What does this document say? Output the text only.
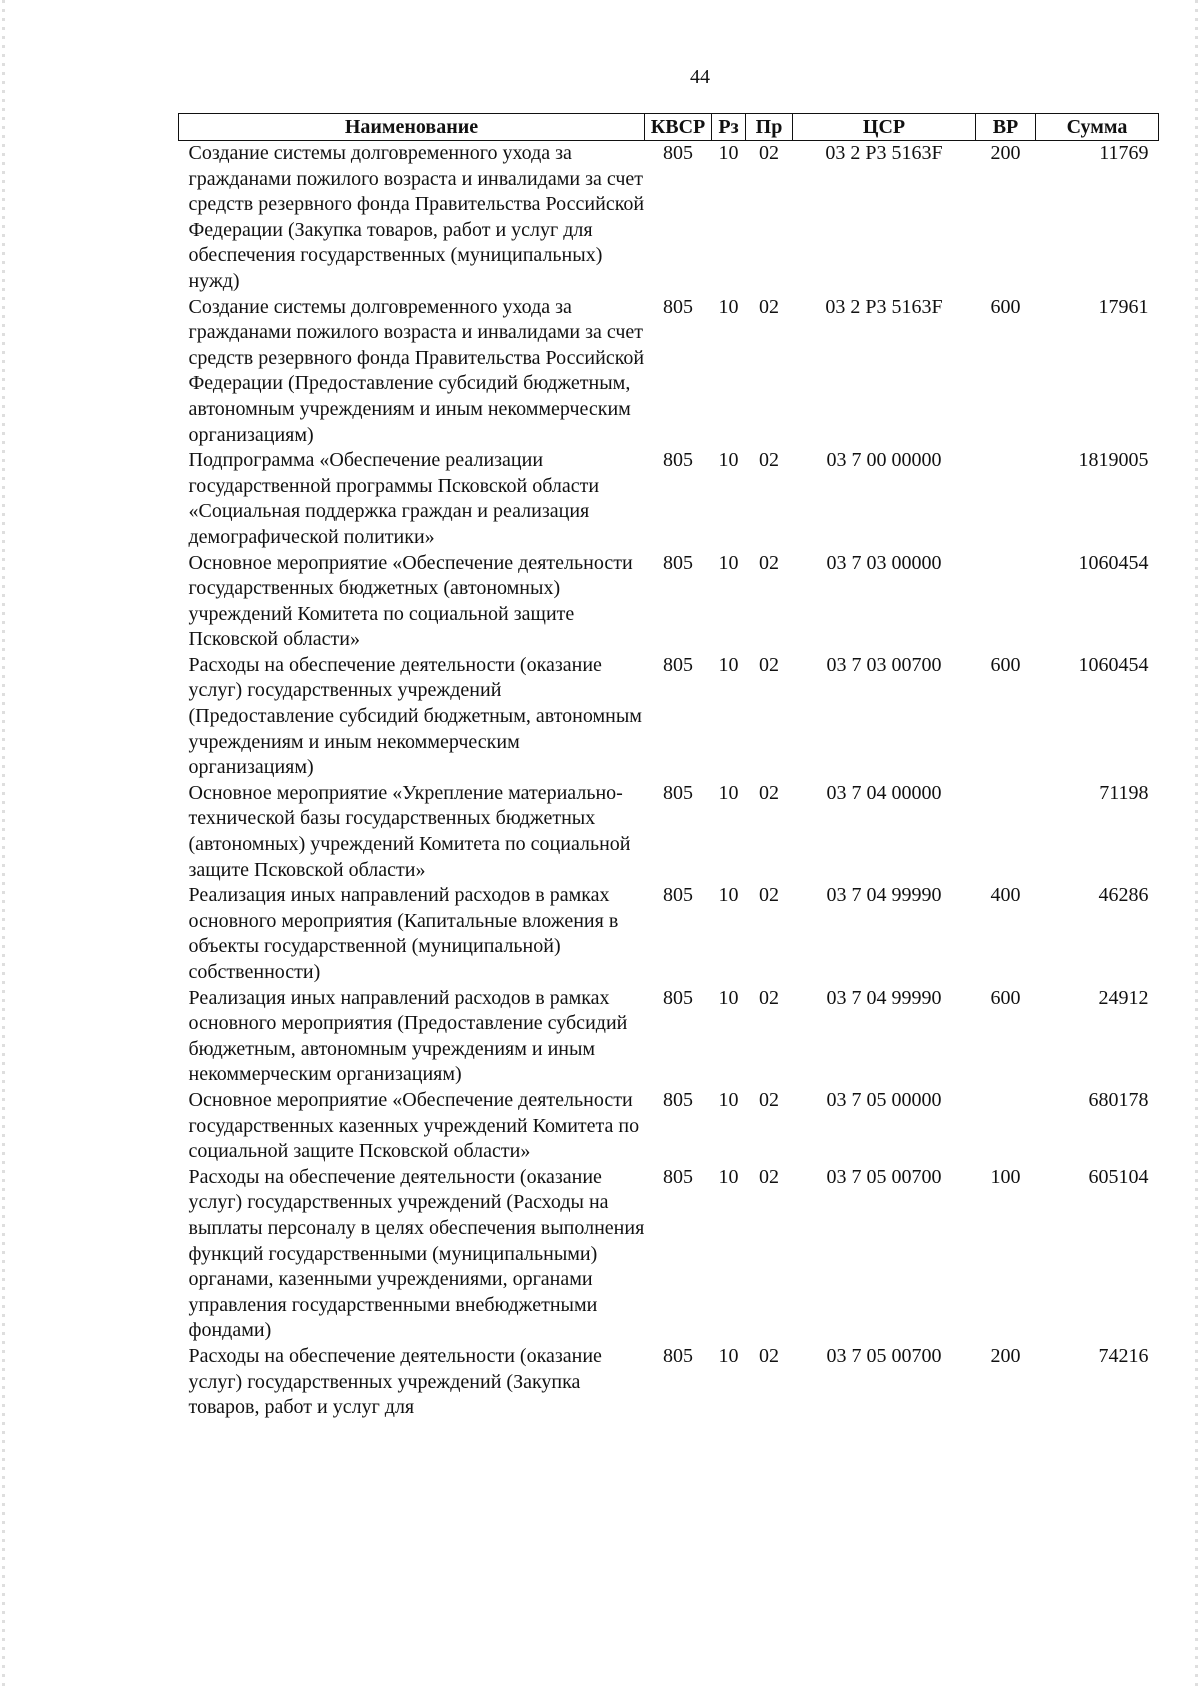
44
Наименование	КВСР	Рз	Пр	ЦСР	ВР	Сумма
Создание системы долговременного ухода за гражданами пожилого возраста и инвалидами за счет средств резервного фонда Правительства Российской Федерации (Закупка товаров, работ и услуг для обеспечения государственных (муниципальных) нужд)	805	10	02	03 2 Р3 5163F	200	11769
Создание системы долговременного ухода за гражданами пожилого возраста и инвалидами за счет средств резервного фонда Правительства Российской Федерации (Предоставление субсидий бюджетным, автономным учреждениям и иным некоммерческим организациям)	805	10	02	03 2 Р3 5163F	600	17961
Подпрограмма «Обеспечение реализации государственной программы Псковской области «Социальная поддержка граждан и реализация демографической политики»	805	10	02	03 7 00 00000		1819005
Основное мероприятие «Обеспечение деятельности государственных бюджетных (автономных) учреждений Комитета по социальной защите Псковской области»	805	10	02	03 7 03 00000		1060454
Расходы на обеспечение деятельности (оказание услуг) государственных учреждений (Предоставление субсидий бюджетным, автономным учреждениям и иным некоммерческим организациям)	805	10	02	03 7 03 00700	600	1060454
Основное мероприятие «Укрепление материально-технической базы государственных бюджетных (автономных) учреждений Комитета по социальной защите Псковской области»	805	10	02	03 7 04 00000		71198
Реализация иных направлений расходов в рамках основного мероприятия (Капитальные вложения в объекты государственной (муниципальной) собственности)	805	10	02	03 7 04 99990	400	46286
Реализация иных направлений расходов в рамках основного мероприятия (Предоставление субсидий бюджетным, автономным учреждениям и иным некоммерческим организациям)	805	10	02	03 7 04 99990	600	24912
Основное мероприятие «Обеспечение деятельности государственных казенных учреждений Комитета по социальной защите Псковской области»	805	10	02	03 7 05 00000		680178
Расходы на обеспечение деятельности (оказание услуг) государственных учреждений (Расходы на выплаты персоналу в целях обеспечения выполнения функций государственными (муниципальными) органами, казенными учреждениями, органами управления государственными внебюджетными фондами)	805	10	02	03 7 05 00700	100	605104
Расходы на обеспечение деятельности (оказание услуг) государственных учреждений (Закупка товаров, работ и услуг для	805	10	02	03 7 05 00700	200	74216
